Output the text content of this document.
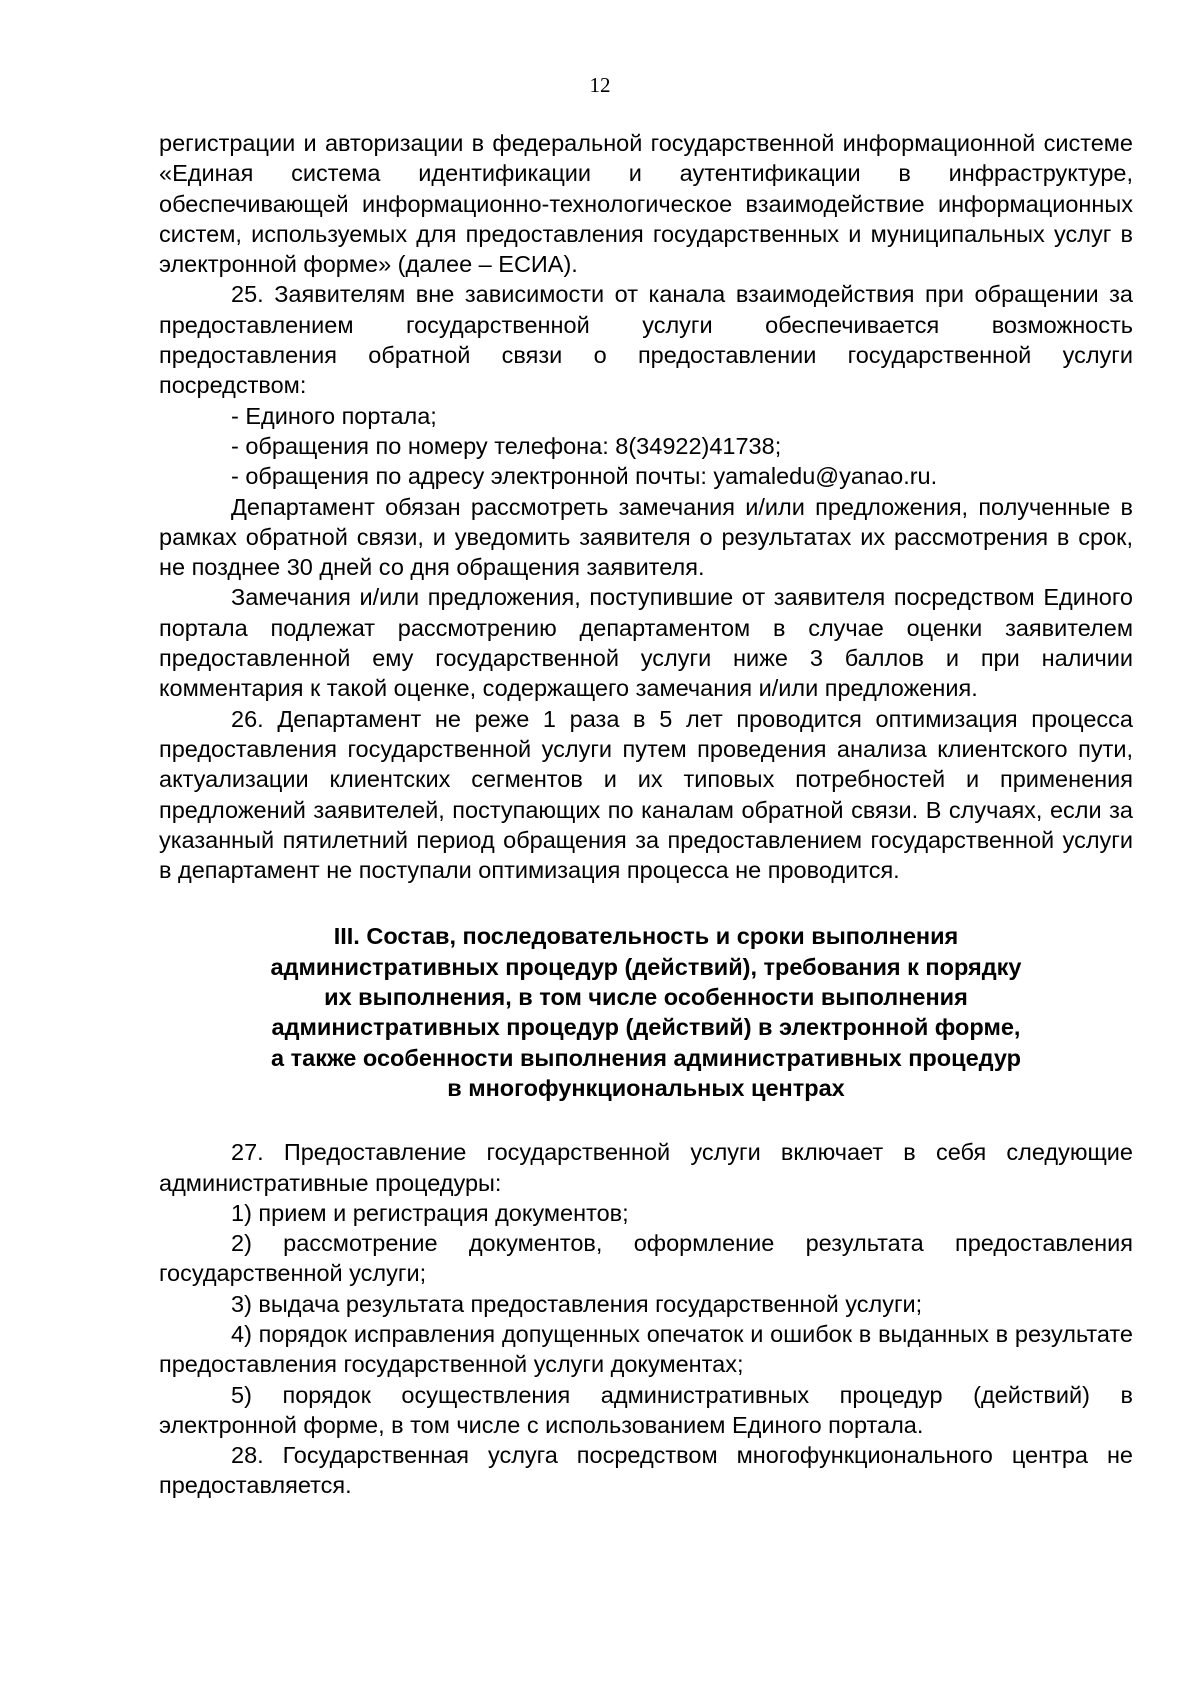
12

регистрации и авторизации в федеральной государственной информационной системе «Единая система идентификации и аутентификации в инфраструктуре, обеспечивающей информационно-технологическое взаимодействие информационных систем, используемых для предоставления государственных и муниципальных услуг в электронной форме» (далее – ЕСИА).

25. Заявителям вне зависимости от канала взаимодействия при обращении за предоставлением государственной услуги обеспечивается возможность предоставления обратной связи о предоставлении государственной услуги посредством:

- Единого портала;

- обращения по номеру телефона: 8(34922)41738;

- обращения по адресу электронной почты: yamaledu@yanao.ru.

Департамент обязан рассмотреть замечания и/или предложения, полученные в рамках обратной связи, и уведомить заявителя о результатах их рассмотрения в срок, не позднее 30 дней со дня обращения заявителя.

Замечания и/или предложения, поступившие от заявителя посредством Единого портала подлежат рассмотрению департаментом в случае оценки заявителем предоставленной ему государственной услуги ниже 3 баллов и при наличии комментария к такой оценке, содержащего замечания и/или предложения.

26. Департамент не реже 1 раза в 5 лет проводится оптимизация процесса предоставления государственной услуги путем проведения анализа клиентского пути, актуализации клиентских сегментов и их типовых потребностей и применения предложений заявителей, поступающих по каналам обратной связи. В случаях, если за указанный пятилетний период обращения за предоставлением государственной услуги в департамент не поступали оптимизация процесса не проводится.

III. Состав, последовательность и сроки выполнения
административных процедур (действий), требования к порядку
их выполнения, в том числе особенности выполнения
административных процедур (действий) в электронной форме,
а также особенности выполнения административных процедур
в многофункциональных центрах

27. Предоставление государственной услуги включает в себя следующие административные процедуры:

1) прием и регистрация документов;

2) рассмотрение документов, оформление результата предоставления государственной услуги;

3) выдача результата предоставления государственной услуги;

4) порядок исправления допущенных опечаток и ошибок в выданных в результате предоставления государственной услуги документах;

5) порядок осуществления административных процедур (действий) в электронной форме, в том числе с использованием Единого портала.

28. Государственная услуга посредством многофункционального центра не предоставляется.
